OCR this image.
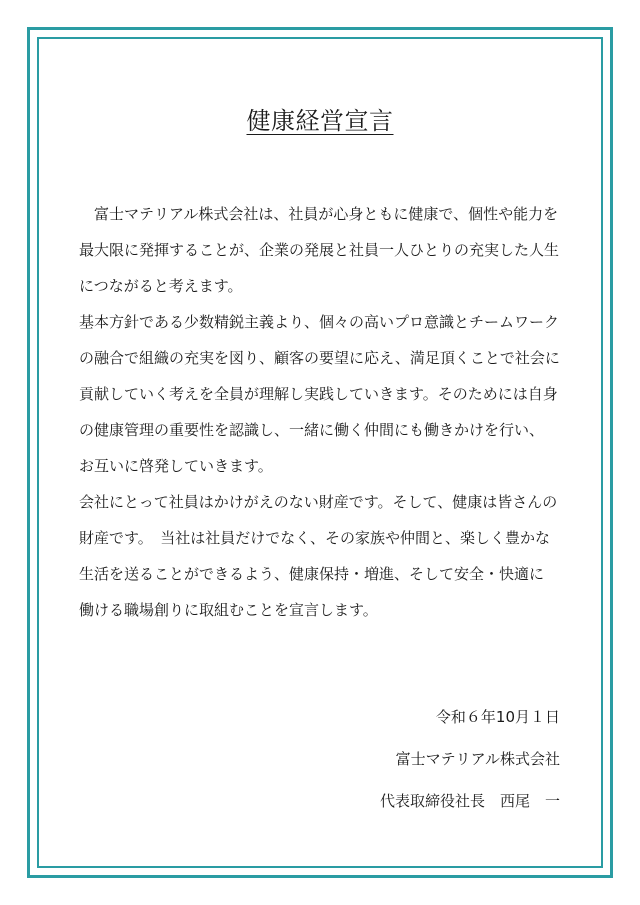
健康経営宣言
　富士マテリアル株式会社は、社員が心身ともに健康で、個性や能力を
最大限に発揮することが、企業の発展と社員一人ひとりの充実した人生
につながると考えます。
基本方針である少数精鋭主義より、個々の高いプロ意識とチームワーク
の融合で組織の充実を図り、顧客の要望に応え、満足頂くことで社会に
貢献していく考えを全員が理解し実践していきます。そのためには自身
の健康管理の重要性を認識し、一緒に働く仲間にも働きかけを行い、
お互いに啓発していきます。
会社にとって社員はかけがえのない財産です。そして、健康は皆さんの
財産です。　当社は社員だけでなく、その家族や仲間と、楽しく豊かな
生活を送ることができるよう、健康保持・増進、そして安全・快適に
働ける職場創りに取組むことを宣言します。
令和６年10月１日
富士マテリアル株式会社
代表取締役社長　西尾　一
